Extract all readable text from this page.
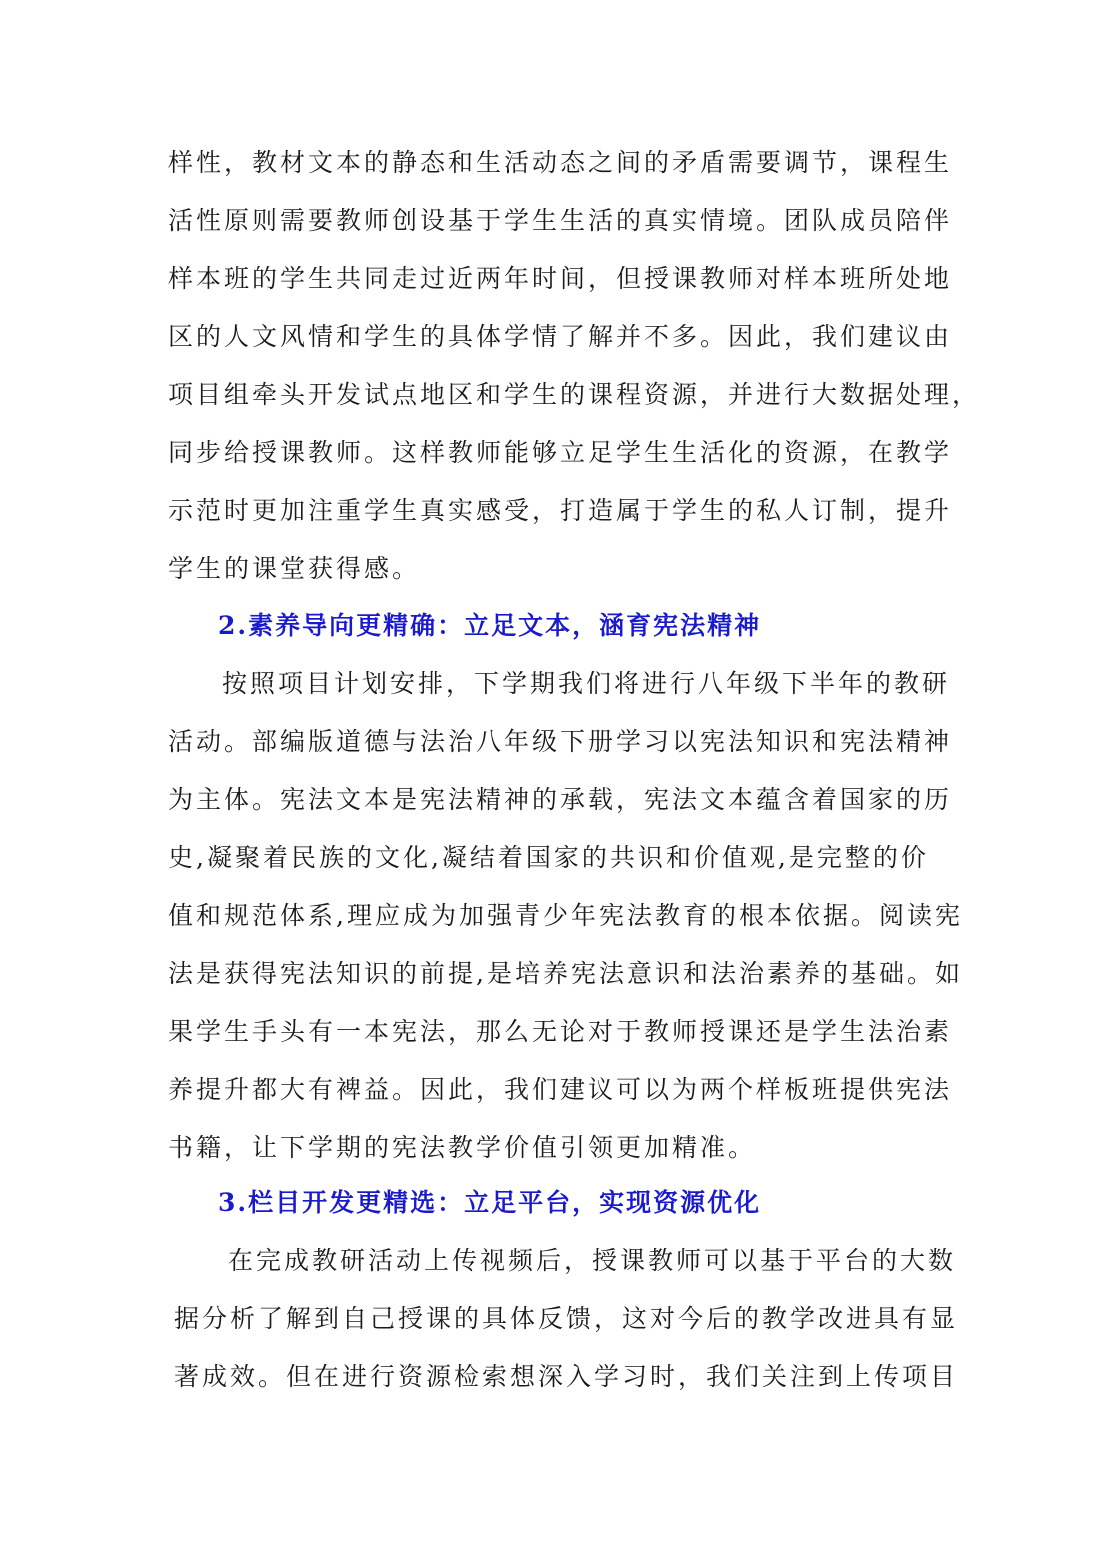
样性，教材文本的静态和生活动态之间的矛盾需要调节，课程生
活性原则需要教师创设基于学生生活的真实情境。团队成员陪伴
样本班的学生共同走过近两年时间，但授课教师对样本班所处地
区的人文风情和学生的具体学情了解并不多。因此，我们建议由
项目组牵头开发试点地区和学生的课程资源，并进行大数据处理，
同步给授课教师。这样教师能够立足学生生活化的资源，在教学
示范时更加注重学生真实感受，打造属于学生的私人订制，提升
学生的课堂获得感。
2.素养导向更精确：立足文本，涵育宪法精神
按照项目计划安排，下学期我们将进行八年级下半年的教研
活动。部编版道德与法治八年级下册学习以宪法知识和宪法精神
为主体。宪法文本是宪法精神的承载，宪法文本蕴含着国家的历
史,凝聚着民族的文化,凝结着国家的共识和价值观,是完整的价
值和规范体系,理应成为加强青少年宪法教育的根本依据。阅读宪
法是获得宪法知识的前提,是培养宪法意识和法治素养的基础。如
果学生手头有一本宪法，那么无论对于教师授课还是学生法治素
养提升都大有裨益。因此，我们建议可以为两个样板班提供宪法
书籍，让下学期的宪法教学价值引领更加精准。
3.栏目开发更精选：立足平台，实现资源优化
在完成教研活动上传视频后，授课教师可以基于平台的大数
据分析了解到自己授课的具体反馈，这对今后的教学改进具有显
著成效。但在进行资源检索想深入学习时，我们关注到上传项目
